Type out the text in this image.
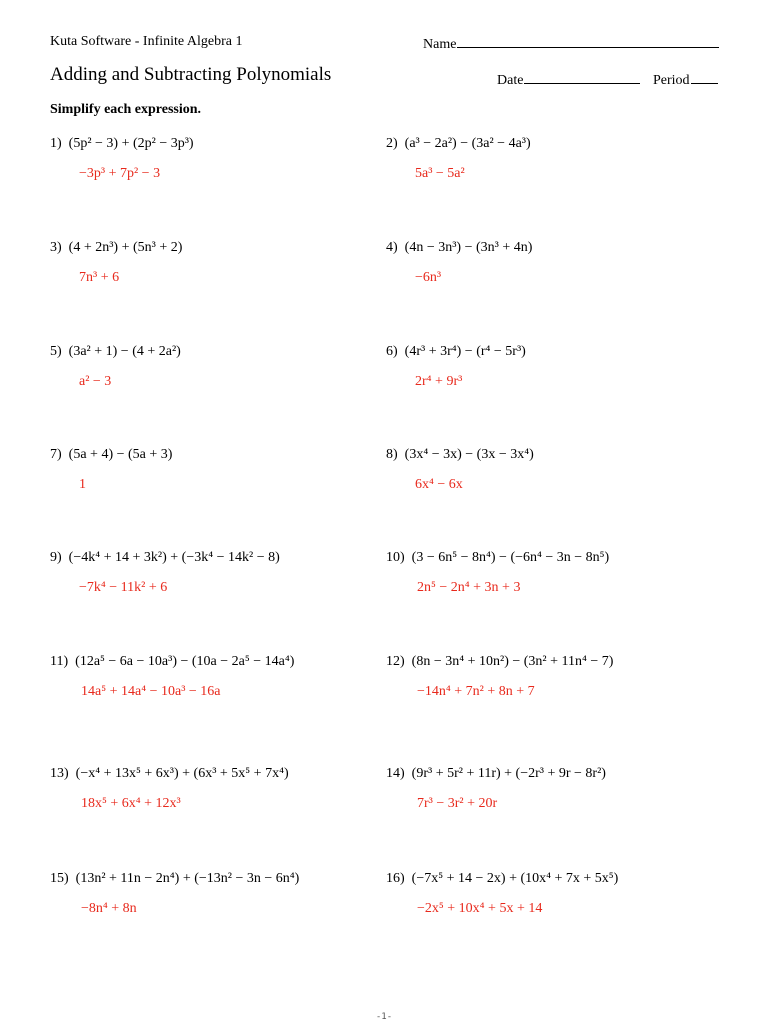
Kuta Software - Infinite Algebra 1	Name
Adding and Subtracting Polynomials	Date	Period
Simplify each expression.
1) (5p² − 3) + (2p² − 3p³)
−3p³ + 7p² − 3
2) (a³ − 2a²) − (3a² − 4a³)
5a³ − 5a²
3) (4 + 2n³) + (5n³ + 2)
7n³ + 6
4) (4n − 3n³) − (3n³ + 4n)
−6n³
5) (3a² + 1) − (4 + 2a²)
a² − 3
6) (4r³ + 3r⁴) − (r⁴ − 5r³)
2r⁴ + 9r³
7) (5a + 4) − (5a + 3)
1
8) (3x⁴ − 3x) − (3x − 3x⁴)
6x⁴ − 6x
9) (−4k⁴ + 14 + 3k²) + (−3k⁴ − 14k² − 8)
−7k⁴ − 11k² + 6
10) (3 − 6n⁵ − 8n⁴) − (−6n⁴ − 3n − 8n⁵)
2n⁵ − 2n⁴ + 3n + 3
11) (12a⁵ − 6a − 10a³) − (10a − 2a⁵ − 14a⁴)
14a⁵ + 14a⁴ − 10a³ − 16a
12) (8n − 3n⁴ + 10n²) − (3n² + 11n⁴ − 7)
−14n⁴ + 7n² + 8n + 7
13) (−x⁴ + 13x⁵ + 6x³) + (6x³ + 5x⁵ + 7x⁴)
18x⁵ + 6x⁴ + 12x³
14) (9r³ + 5r² + 11r) + (−2r³ + 9r − 8r²)
7r³ − 3r² + 20r
15) (13n² + 11n − 2n⁴) + (−13n² − 3n − 6n⁴)
−8n⁴ + 8n
16) (−7x⁵ + 14 − 2x) + (10x⁴ + 7x + 5x⁵)
−2x⁵ + 10x⁴ + 5x + 14
-1-
